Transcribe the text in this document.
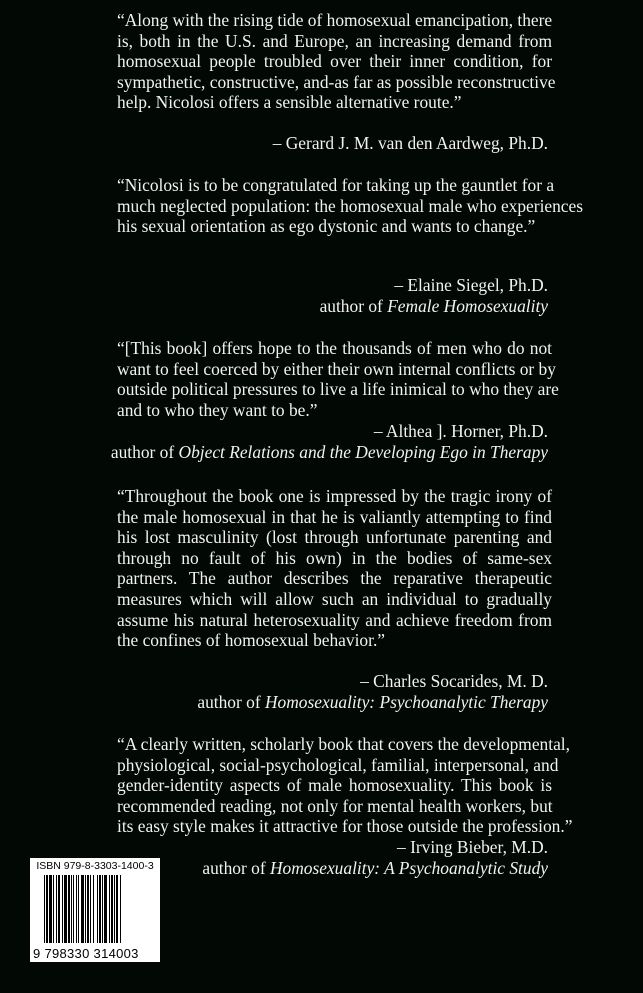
“Along with the rising tide of homosexual emancipation, there
is, both in the U.S. and Europe, an increasing demand from
homosexual people troubled over their inner condition, for
sympathetic, constructive, and-as far as possible reconstructive
help. Nicolosi offers a sensible alternative route.”
“Nicolosi is to be congratulated for taking up the gauntlet for a
much neglected population: the homosexual male who experiences
his sexual orientation as ego dystonic and wants to change.”
“[This book] offers hope to the thousands of men who do not
want to feel coerced by either their own internal conflicts or by
outside political pressures to live a life inimical to who they are
and to who they want to be.”
“Throughout the book one is impressed by the tragic irony of
the male homosexual in that he is valiantly attempting to find
his lost masculinity (lost through unfortunate parenting and
through no fault of his own) in the bodies of same-sex
partners. The author describes the reparative therapeutic
measures which will allow such an individual to gradually
assume his natural heterosexuality and achieve freedom from
the confines of homosexual behavior.”
“A clearly written, scholarly book that covers the developmental,
physiological, social-psychological, familial, interpersonal, and
gender-identity aspects of male homosexuality. This book is
recommended reading, not only for mental health workers, but
its easy style makes it attractive for those outside the profession.”
ISBN 979-8-3303-1400-3
9 798330 314003
– Gerard J. M. van den Aardweg, Ph.D.
– Elaine Siegel, Ph.D.
author of Female Homosexuality
– Althea ]. Horner, Ph.D.
author of Object Relations and the Developing Ego in Therapy
– Charles Socarides, M. D.
author of Homosexuality: Psychoanalytic Therapy
– Irving Bieber, M.D.
author of Homosexuality: A Psychoanalytic Study
